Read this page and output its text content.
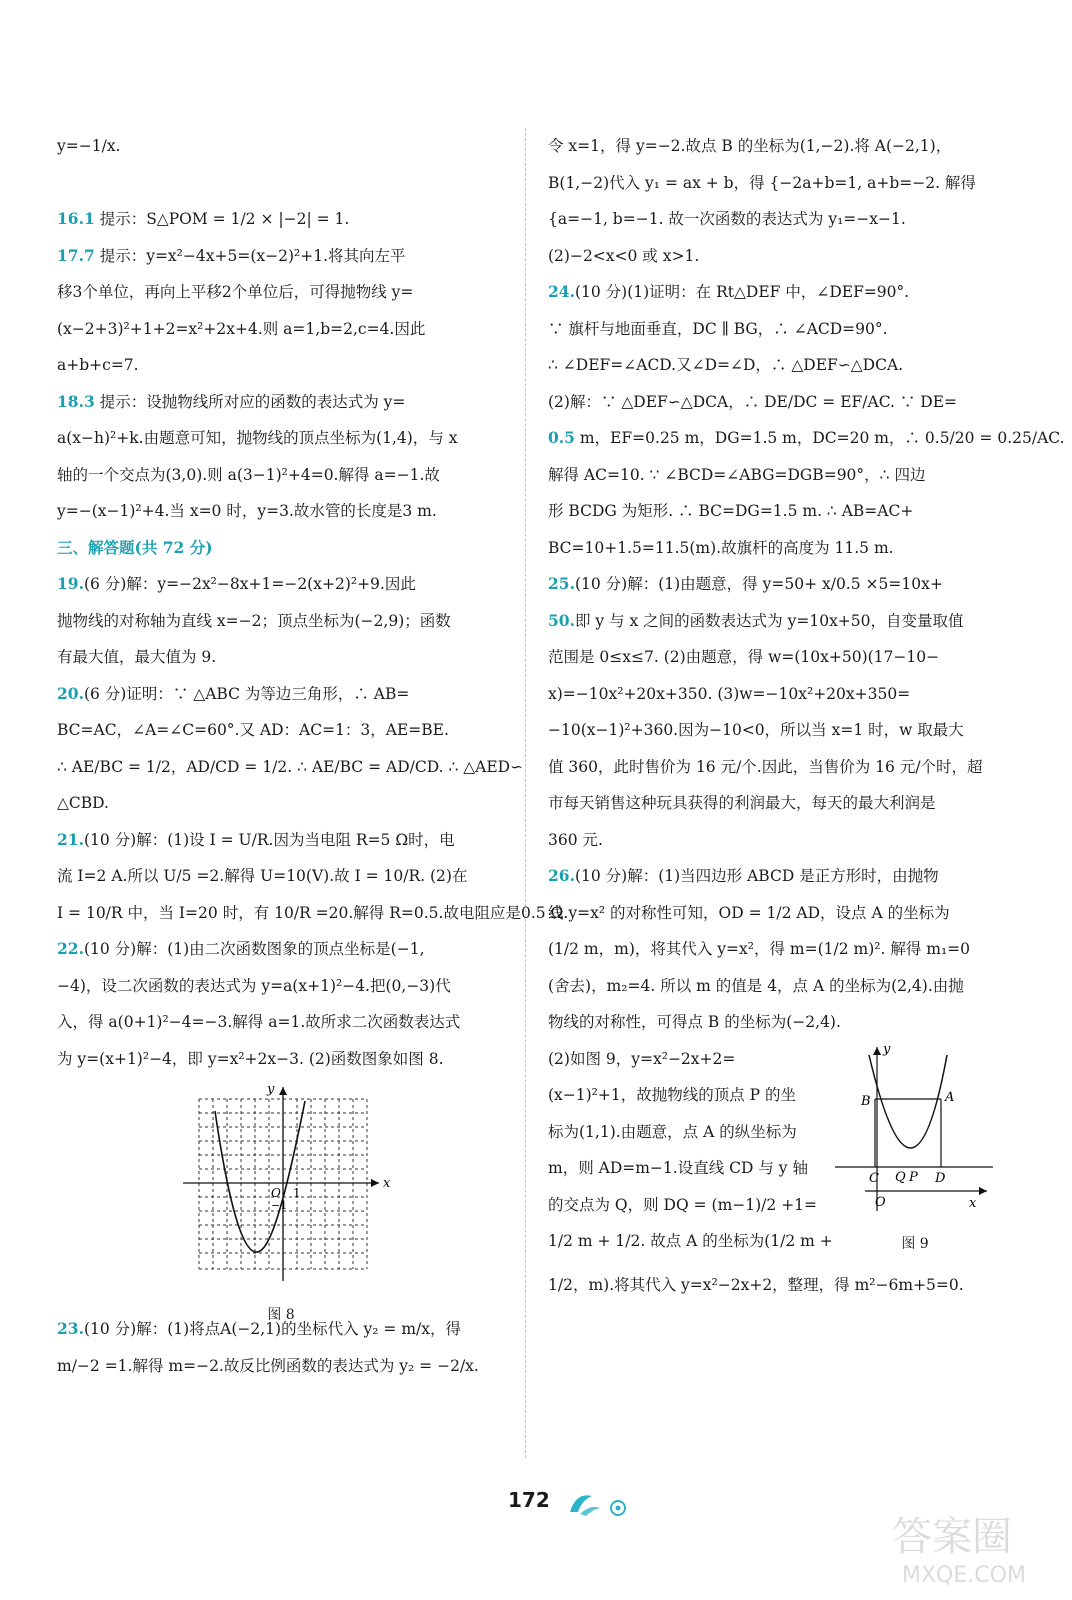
y=−1/x.

16.1 提示：S△POM = 1/2 × |−2| = 1.
17.7 提示：y=x²−4x+5=(x−2)²+1.将其向左平
移3个单位，再向上平移2个单位后，可得抛物线 y=
(x−2+3)²+1+2=x²+2x+4.则 a=1,b=2,c=4.因此
a+b+c=7.
18.3 提示：设抛物线所对应的函数的表达式为 y=
a(x−h)²+k.由题意可知，抛物线的顶点坐标为(1,4)，与 x
轴的一个交点为(3,0).则 a(3−1)²+4=0.解得 a=−1.故
y=−(x−1)²+4.当 x=0 时，y=3.故水管的长度是3 m.
三、解答题(共 72 分)
19.(6 分)解：y=−2x²−8x+1=−2(x+2)²+9.因此
抛物线的对称轴为直线 x=−2；顶点坐标为(−2,9)；函数
有最大值，最大值为 9.
20.(6 分)证明：∵ △ABC 为等边三角形，∴ AB=
BC=AC，∠A=∠C=60°.又 AD：AC=1：3，AE=BE.
∴ AE/BC = 1/2，AD/CD = 1/2. ∴ AE/BC = AD/CD. ∴ △AED∽
△CBD.
21.(10 分)解：(1)设 I = U/R.因为当电阻 R=5 Ω时，电
流 I=2 A.所以 U/5 =2.解得 U=10(V).故 I = 10/R. (2)在
I = 10/R 中，当 I=20 时，有 10/R =20.解得 R=0.5.故电阻应是0.5 Ω.
22.(10 分)解：(1)由二次函数图象的顶点坐标是(−1,
−4)，设二次函数的表达式为 y=a(x+1)²−4.把(0,−3)代
入，得 a(0+1)²−4=−3.解得 a=1.故所求二次函数表达式
为 y=(x+1)²−4，即 y=x²+2x−3. (2)函数图象如图 8.
x
y
O 1
−1
图 8
23.(10 分)解：(1)将点A(−2,1)的坐标代入 y₂ = m/x，得
m/−2 =1.解得 m=−2.故反比例函数的表达式为 y₂ = −2/x.
令 x=1，得 y=−2.故点 B 的坐标为(1,−2).将 A(−2,1)，
B(1,−2)代入 y₁ = ax + b，得 {−2a+b=1, a+b=−2. 解得
{a=−1, b=−1. 故一次函数的表达式为 y₁=−x−1.
(2)−2<x<0 或 x>1.
24.(10 分)(1)证明：在 Rt△DEF 中，∠DEF=90°.
∵ 旗杆与地面垂直，DC ∥ BG，∴ ∠ACD=90°.
∴ ∠DEF=∠ACD.又∠D=∠D，∴ △DEF∽△DCA.
(2)解：∵ △DEF∽△DCA，∴ DE/DC = EF/AC. ∵ DE=
0.5 m，EF=0.25 m，DG=1.5 m，DC=20 m，∴ 0.5/20 = 0.25/AC.
解得 AC=10. ∵ ∠BCD=∠ABG=DGB=90°，∴ 四边
形 BCDG 为矩形. ∴ BC=DG=1.5 m. ∴ AB=AC+
BC=10+1.5=11.5(m).故旗杆的高度为 11.5 m.
25.(10 分)解：(1)由题意，得 y=50+ x/0.5 ×5=10x+
50.即 y 与 x 之间的函数表达式为 y=10x+50，自变量取值
范围是 0≤x≤7. (2)由题意，得 w=(10x+50)(17−10−
x)=−10x²+20x+350. (3)w=−10x²+20x+350=
−10(x−1)²+360.因为−10<0，所以当 x=1 时，w 取最大
值 360，此时售价为 16 元/个.因此，当售价为 16 元/个时，超
市每天销售这种玩具获得的利润最大，每天的最大利润是
360 元.
26.(10 分)解：(1)当四边形 ABCD 是正方形时，由抛物
线 y=x² 的对称性可知，OD = 1/2 AD，设点 A 的坐标为
(1/2 m，m)，将其代入 y=x²，得 m=(1/2 m)². 解得 m₁=0
(舍去)，m₂=4. 所以 m 的值是 4，点 A 的坐标为(2,4).由抛
物线的对称性，可得点 B 的坐标为(−2,4).
(2)如图 9，y=x²−2x+2=
(x−1)²+1，故抛物线的顶点 P 的坐
标为(1,1).由题意，点 A 的纵坐标为
m，则 AD=m−1.设直线 CD 与 y 轴
的交点为 Q，则 DQ = (m−1)/2 +1=
1/2 m + 1/2. 故点 A 的坐标为(1/2 m +
y
x
B	A
C Q P D
O
图 9
1/2，m).将其代入 y=x²−2x+2，整理，得 m²−6m+5=0.
172
答案圈
MXQE.COM
